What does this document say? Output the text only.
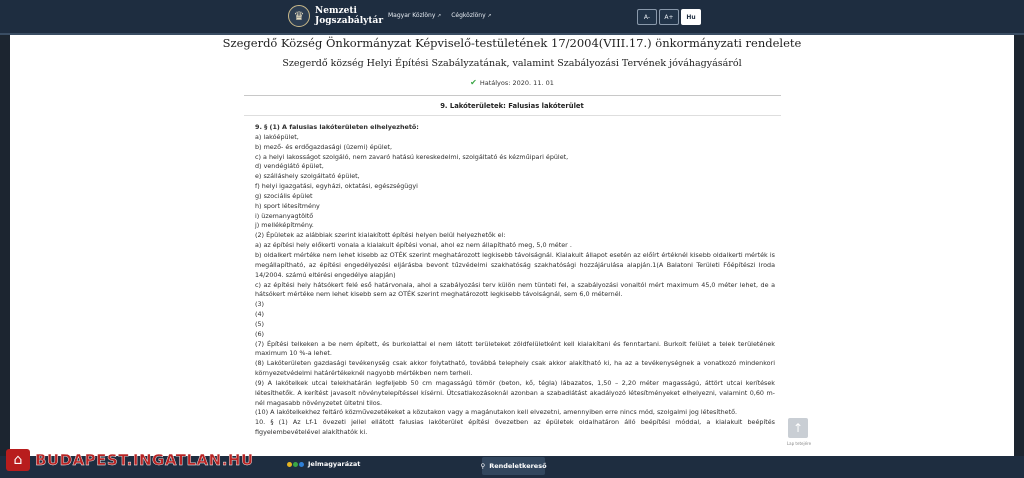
♛	Nemzeti
Jogszabálytár
Magyar Közlöny ↗	Cégközlöny ↗	A-	A+	Hu
Szegerdő Község Önkormányzat Képviselő-testületének 17/2004(VIII.17.) önkormányzati rendelete
Szegerdő község Helyi Építési Szabályzatának, valamint Szabályozási Tervének jóváhagyásáról
✔ Hatályos: 2020. 11. 01
9. Lakóterületek: Falusias lakóterület

9. § (1) A falusias lakóterületen elhelyezhető:

a) lakóépület,

b) mező- és erdőgazdasági (üzemi) épület,

c) a helyi lakosságot szolgáló, nem zavaró hatású kereskedelmi, szolgáltató és kézműipari épület,

d) vendéglátó épület,

e) szálláshely szolgáltató épület,

f) helyi igazgatási, egyházi, oktatási, egészségügyi

g) szociális épület

h) sport létesítmény

i) üzemanyagtöltő

j) melléképítmény.

(2) Épületek az alábbiak szerint kialakított építési helyen belül helyezhetők el:

a) az építési hely előkerti vonala a kialakult építési vonal, ahol ez nem állapítható meg, 5,0 méter .

b) oldalkert mértéke nem lehet kisebb az OTÉK szerint meghatározott legkisebb távolságnál. Kialakult állapot esetén az előírt értéknél kisebb oldalkerti mérték is megállapítható, az építési engedélyezési eljárásba bevont tűzvédelmi szakhatóság szakhatósági hozzájárulása alapján.1(A Balatoni Területi Főépítészi Iroda 14/2004. számú eltérési engedélye alapján)

c) az építési hely hátsókert felé eső határvonala, ahol a szabályozási terv külön nem tünteti fel, a szabályozási vonaltól mért maximum 45,0 méter lehet, de a hátsókert mértéke nem lehet kisebb sem az OTÉK szerint meghatározott legkisebb távolságnál, sem 6,0 méternél.

(3)

(4)

(5)

(6)

(7) Építési telkeken a be nem épített, és burkolattal el nem látott területeket zöldfelületként kell kialakítani és fenntartani. Burkolt felület a telek területének maximum 10 %-a lehet.

(8) Lakóterületen gazdasági tevékenység csak akkor folytatható, továbbá telephely csak akkor alakítható ki, ha az a tevékenységnek a vonatkozó mindenkori környezetvédelmi határértékeknél nagyobb mértékben nem terheli.

(9) A lakótelkek utcai telekhatárán legfeljebb 50 cm magasságú tömör (beton, kő, tégla) lábazatos, 1,50 – 2,20 méter magasságú, áttört utcai kerítések létesíthetők. A kerítést javasolt növénytelepítéssel kísérni. Útcsatlakozásoknál azonban a szabadlátást akadályozó létesítményeket elhelyezni, valamint 0,60 m-nél magasabb növényzetet ültetni tilos.

(10) A lakótelkekhez feltáró közművezetékeket a közutakon vagy a magánutakon kell elvezetni, amennyiben erre nincs mód, szolgalmi jog létesíthető.

10. § (1) Az Lf-1 övezeti jellel ellátott falusias lakóterület építési övezetben az épületek oldalhatáron álló beépítési móddal, a kialakult beépítés figyelembevételével alakíthatók ki.	↑
Lap tetejére
Jelmagyarázat	⚲ Rendeletkereső
⌂ BUDAPEST.INGATLAN.HU
